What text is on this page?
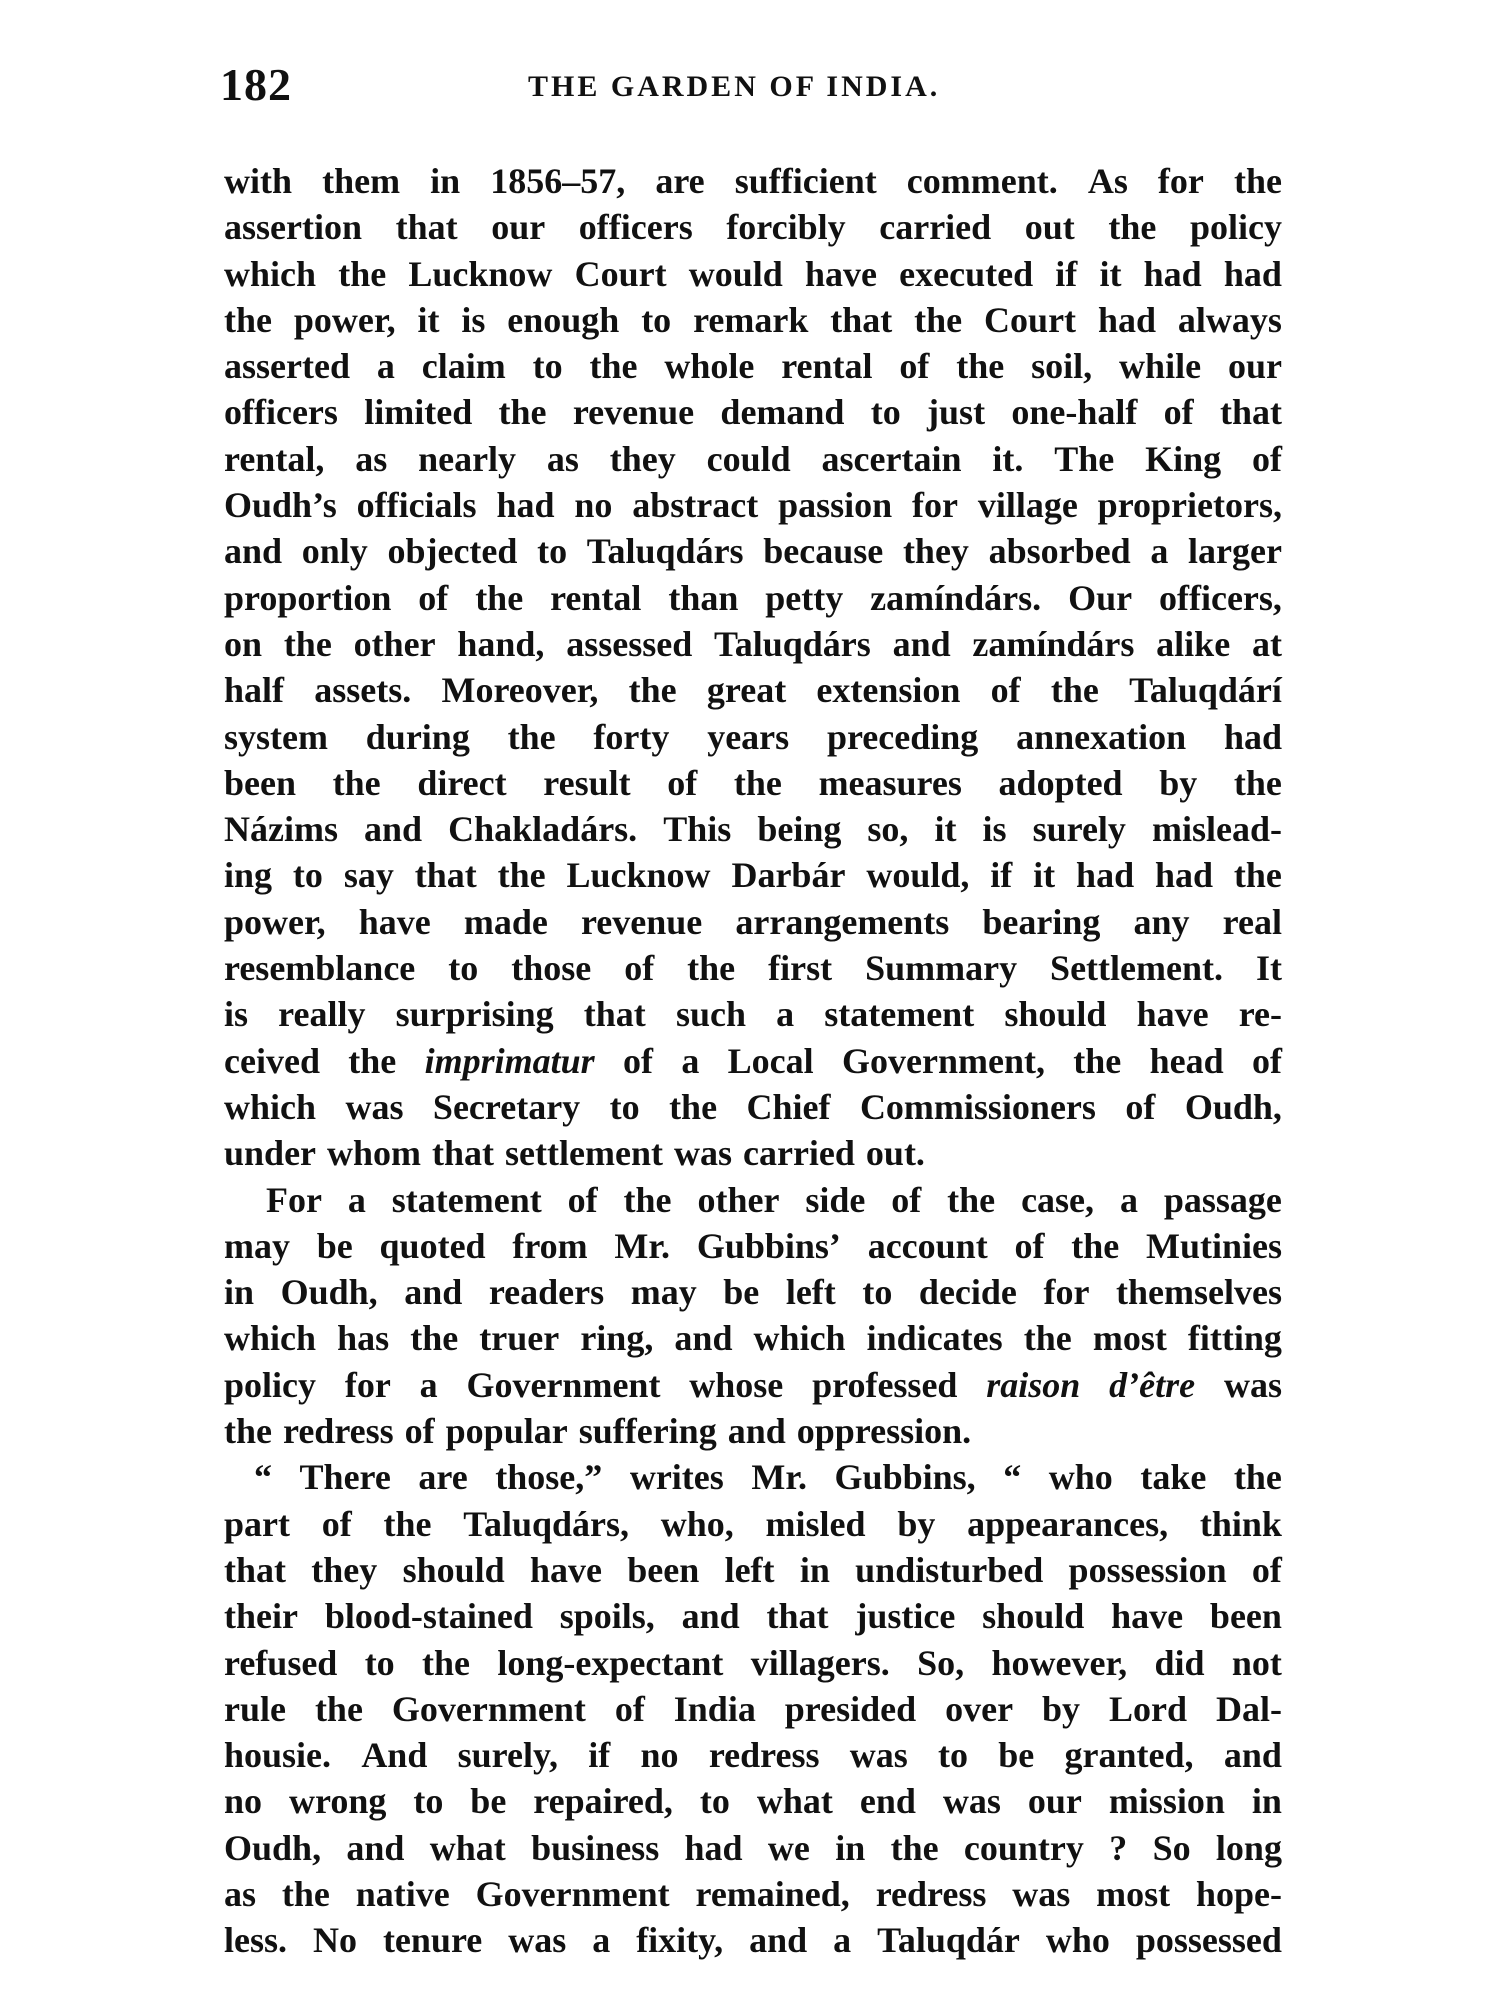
182	THE GARDEN OF INDIA.
with them in 1856–57, are sufficient comment. As for the
assertion that our officers forcibly carried out the policy
which the Lucknow Court would have executed if it had had
the power, it is enough to remark that the Court had always
asserted a claim to the whole rental of the soil, while our
officers limited the revenue demand to just one-half of that
rental, as nearly as they could ascertain it. The King of
Oudh’s officials had no abstract passion for village proprietors,
and only objected to Taluqdárs because they absorbed a larger
proportion of the rental than petty zamíndárs. Our officers,
on the other hand, assessed Taluqdárs and zamíndárs alike at
half assets. Moreover, the great extension of the Taluqdárí
system during the forty years preceding annexation had
been the direct result of the measures adopted by the
Názims and Chakladárs. This being so, it is surely mislead-
ing to say that the Lucknow Darbár would, if it had had the
power, have made revenue arrangements bearing any real
resemblance to those of the first Summary Settlement. It
is really surprising that such a statement should have re-
ceived the imprimatur of a Local Government, the head of
which was Secretary to the Chief Commissioners of Oudh,
under whom that settlement was carried out.
For a statement of the other side of the case, a passage
may be quoted from Mr. Gubbins’ account of the Mutinies
in Oudh, and readers may be left to decide for themselves
which has the truer ring, and which indicates the most fitting
policy for a Government whose professed raison d’être was
the redress of popular suffering and oppression.
“ There are those,” writes Mr. Gubbins, “ who take the
part of the Taluqdárs, who, misled by appearances, think
that they should have been left in undisturbed possession of
their blood-stained spoils, and that justice should have been
refused to the long-expectant villagers. So, however, did not
rule the Government of India presided over by Lord Dal-
housie. And surely, if no redress was to be granted, and
no wrong to be repaired, to what end was our mission in
Oudh, and what business had we in the country ? So long
as the native Government remained, redress was most hope-
less. No tenure was a fixity, and a Taluqdár who possessed
